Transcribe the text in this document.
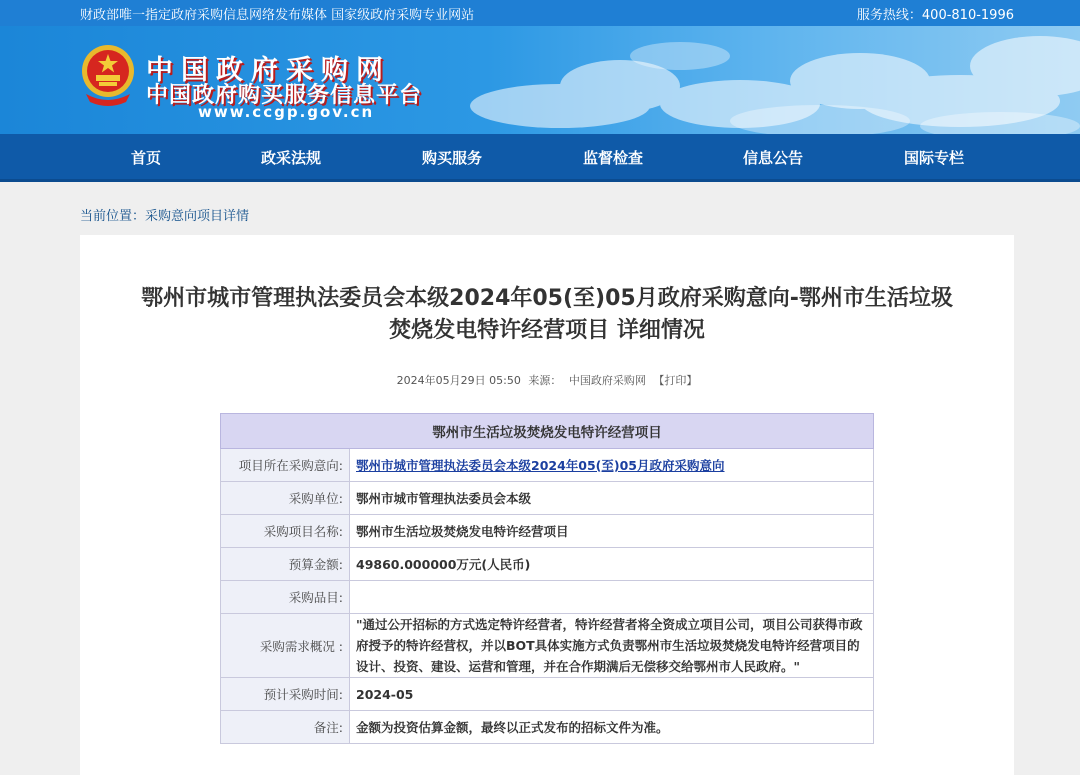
财政部唯一指定政府采购信息网络发布媒体 国家级政府采购专业网站	服务热线：400-810-1996
中国政府采购网
中国政府购买服务信息平台
www.ccgp.gov.cn
首页	政采法规	购买服务	监督检查	信息公告	国际专栏
当前位置：采购意向项目详情
鄂州市城市管理执法委员会本级2024年05(至)05月政府采购意向-鄂州市生活垃圾
焚烧发电特许经营项目 详细情况
2024年05月29日 05:50 来源： 中国政府采购网 【打印】
鄂州市生活垃圾焚烧发电特许经营项目	
项目所在采购意向:	鄂州市城市管理执法委员会本级2024年05(至)05月政府采购意向
采购单位:	鄂州市城市管理执法委员会本级
采购项目名称:	鄂州市生活垃圾焚烧发电特许经营项目
预算金额:	49860.000000万元(人民币)
采购品目:	
采购需求概况 :	"通过公开招标的方式选定特许经营者，特许经营者将全资成立项目公司，项目公司获得市政府授予的特许经营权，并以BOT具体实施方式负责鄂州市生活垃圾焚烧发电特许经营项目的设计、投资、建设、运营和管理，并在合作期满后无偿移交给鄂州市人民政府。"
预计采购时间:	2024-05
备注:	金额为投资估算金额，最终以正式发布的招标文件为准。
